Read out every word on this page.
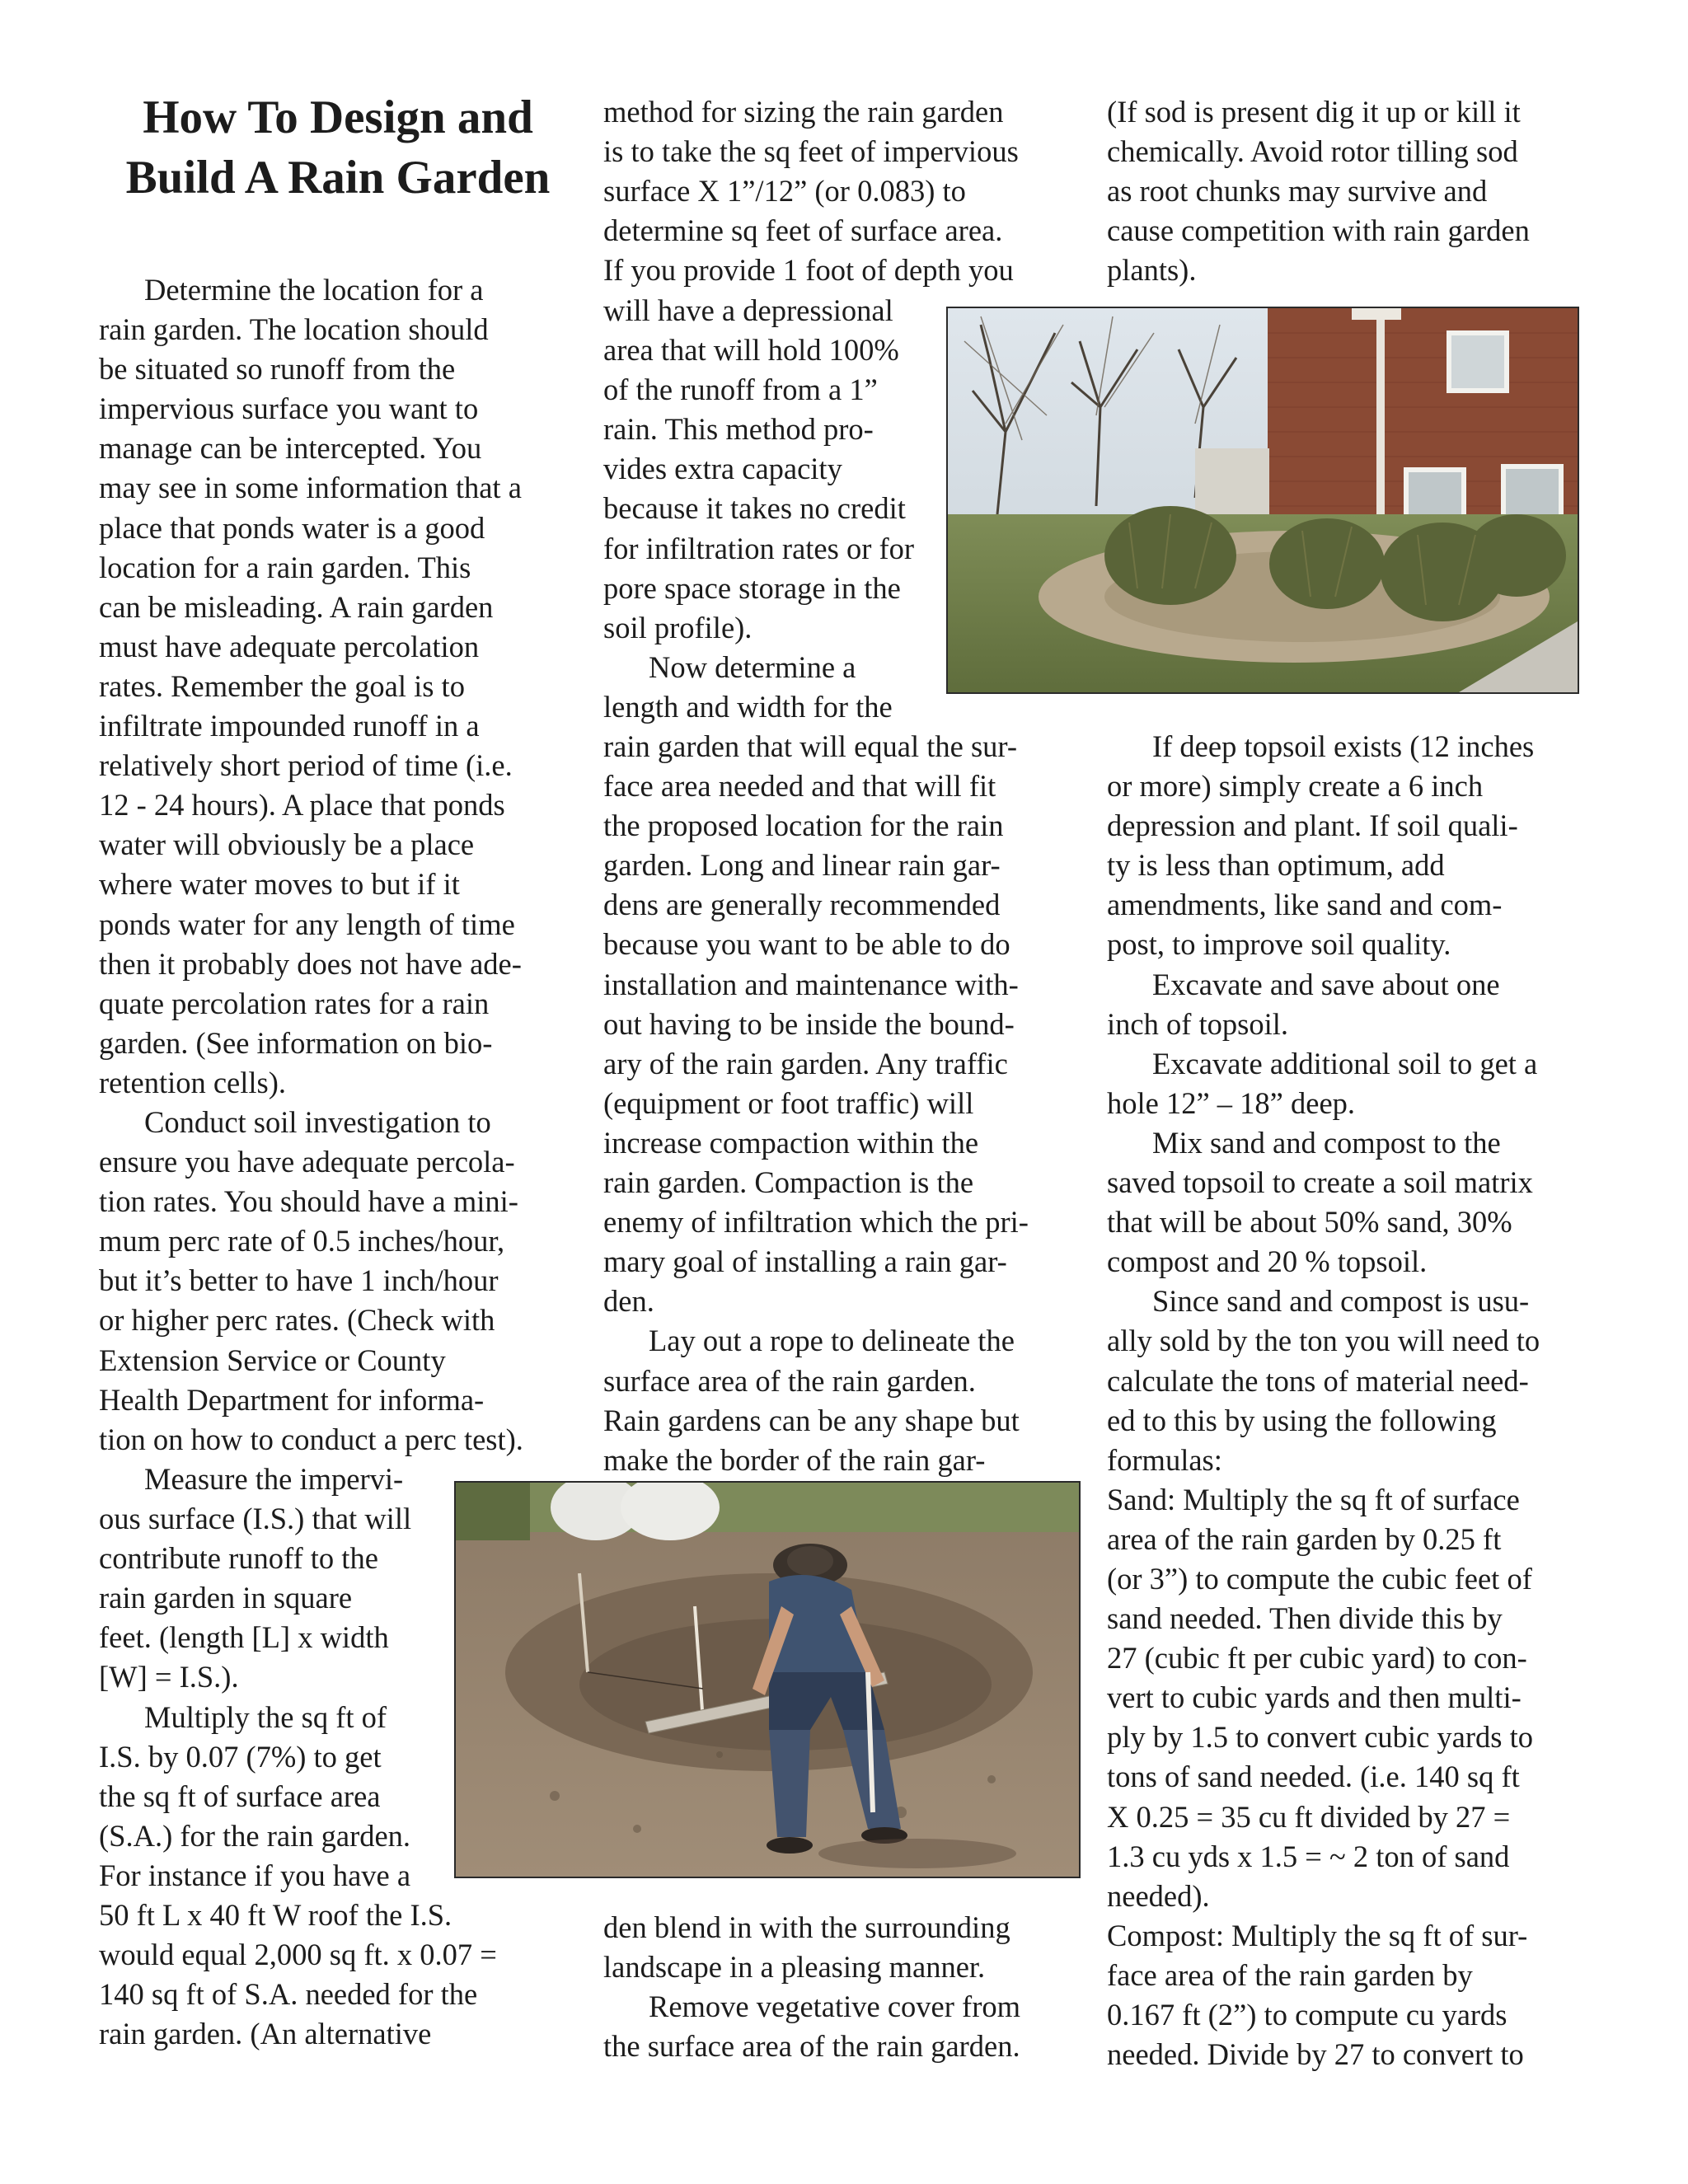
How To Design and Build A Rain Garden
Determine the location for a
rain garden. The location should
be situated so runoff from the
impervious surface you want to
manage can be intercepted. You
may see in some information that a
place that ponds water is a good
location for a rain garden. This
can be misleading. A rain garden
must have adequate percolation
rates. Remember the goal is to
infiltrate impounded runoff in a
relatively short period of time (i.e.
12 - 24 hours). A place that ponds
water will obviously be a place
where water moves to but if it
ponds water for any length of time
then it probably does not have ade-
quate percolation rates for a rain
garden. (See information on bio-
retention cells).
Conduct soil investigation to
ensure you have adequate percola-
tion rates. You should have a mini-
mum perc rate of 0.5 inches/hour,
but it’s better to have 1 inch/hour
or higher perc rates. (Check with
Extension Service or County
Health Department for informa-
tion on how to conduct a perc test).
Measure the impervi-
ous surface (I.S.) that will
contribute runoff to the
rain garden in square
feet. (length [L] x width
[W] = I.S.).
Multiply the sq ft of
I.S. by 0.07 (7%) to get
the sq ft of surface area
(S.A.) for the rain garden.
For instance if you have a
50 ft L x 40 ft W roof the I.S.
would equal 2,000 sq ft. x 0.07 =
140 sq ft of S.A. needed for the
rain garden. (An alternative
method for sizing the rain garden
is to take the sq feet of impervious
surface X 1”/12” (or 0.083) to
determine sq feet of surface area.
If you provide 1 foot of depth you
will have a depressional
area that will hold 100%
of the runoff from a 1”
rain. This method pro-
vides extra capacity
because it takes no credit
for infiltration rates or for
pore space storage in the
soil profile).
Now determine a
length and width for the
rain garden that will equal the sur-
face area needed and that will fit
the proposed location for the rain
garden. Long and linear rain gar-
dens are generally recommended
because you want to be able to do
installation and maintenance with-
out having to be inside the bound-
ary of the rain garden. Any traffic
(equipment or foot traffic) will
increase compaction within the
rain garden. Compaction is the
enemy of infiltration which the pri-
mary goal of installing a rain gar-
den.
Lay out a rope to delineate the
surface area of the rain garden.
Rain gardens can be any shape but
make the border of the rain gar-
den blend in with the surrounding
landscape in a pleasing manner.
Remove vegetative cover from
the surface area of the rain garden.
(If sod is present dig it up or kill it
chemically. Avoid rotor tilling sod
as root chunks may survive and
cause competition with rain garden
plants).
If deep topsoil exists (12 inches
or more) simply create a 6 inch
depression and plant. If soil quali-
ty is less than optimum, add
amendments, like sand and com-
post, to improve soil quality.
Excavate and save about one
inch of topsoil.
Excavate additional soil to get a
hole 12” – 18” deep.
Mix sand and compost to the
saved topsoil to create a soil matrix
that will be about 50% sand, 30%
compost and 20 % topsoil.
Since sand and compost is usu-
ally sold by the ton you will need to
calculate the tons of material need-
ed to this by using the following
formulas:
Sand: Multiply the sq ft of surface
area of the rain garden by 0.25 ft
(or 3”) to compute the cubic feet of
sand needed. Then divide this by
27 (cubic ft per cubic yard) to con-
vert to cubic yards and then multi-
ply by 1.5 to convert cubic yards to
tons of sand needed. (i.e. 140 sq ft
X 0.25 = 35 cu ft divided by 27 =
1.3 cu yds x 1.5 = ~ 2 ton of sand
needed).
Compost: Multiply the sq ft of sur-
face area of the rain garden by
0.167 ft (2”) to compute cu yards
needed. Divide by 27 to convert to
